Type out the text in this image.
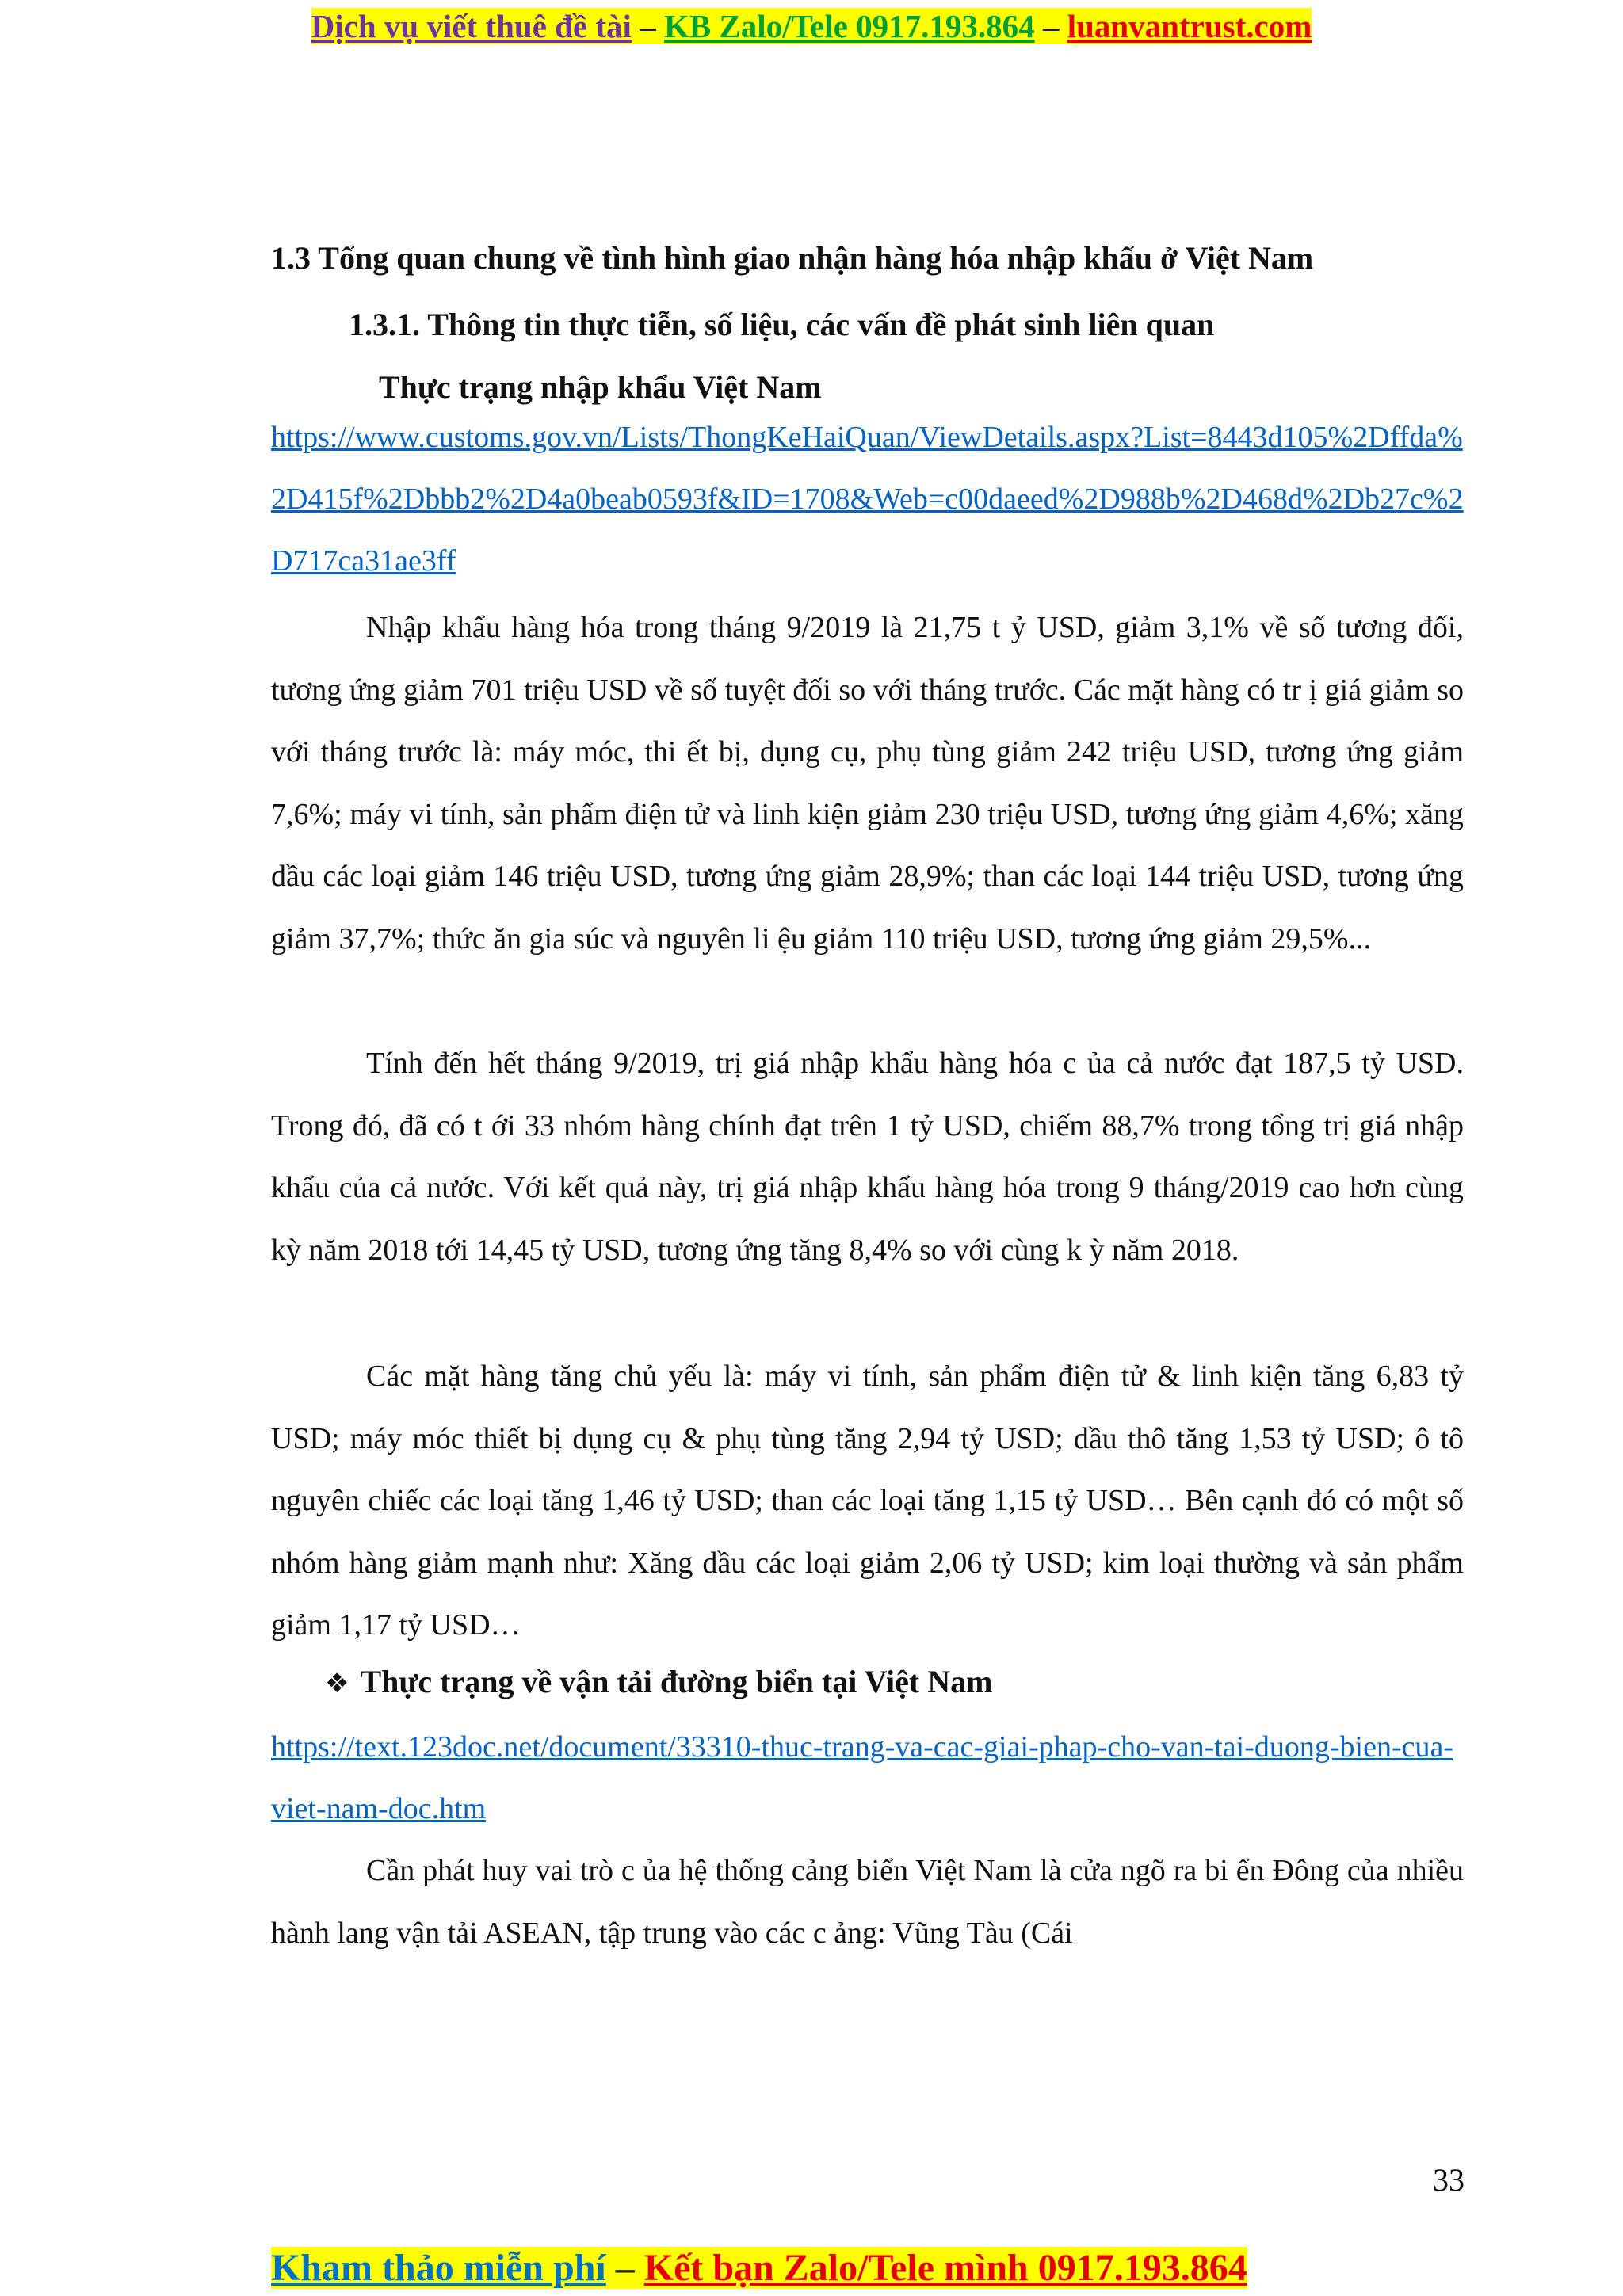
Dịch vụ viết thuê đề tài – KB Zalo/Tele 0917.193.864 – luanvantrust.com
1.3 Tổng quan chung về tình hình giao nhận hàng hóa nhập khẩu ở Việt Nam
1.3.1. Thông tin thực tiễn, số liệu, các vấn đề phát sinh liên quan
Thực trạng nhập khẩu Việt Nam
https://www.customs.gov.vn/Lists/ThongKeHaiQuan/ViewDetails.aspx?List=8443d105%2Dffda%2D415f%2Dbbb2%2D4a0beab0593f&ID=1708&Web=c00daeed%2D988b%2D468d%2Db27c%2D717ca31ae3ff

Nhập khẩu hàng hóa trong tháng 9/2019 là 21,75 t ỷ USD, giảm 3,1% về số tương đối, tương ứng giảm 701 triệu USD về số tuyệt đối so với tháng trước. Các mặt hàng có tr ị giá giảm so với tháng trước là: máy móc, thi ết bị, dụng cụ, phụ tùng giảm 242 triệu USD, tương ứng giảm 7,6%; máy vi tính, sản phẩm điện tử và linh kiện giảm 230 triệu USD, tương ứng giảm 4,6%; xăng dầu các loại giảm 146 triệu USD, tương ứng giảm 28,9%; than các loại 144 triệu USD, tương ứng giảm 37,7%; thức ăn gia súc và nguyên li ệu giảm 110 triệu USD, tương ứng giảm 29,5%...

Tính đến hết tháng 9/2019, trị giá nhập khẩu hàng hóa c ủa cả nước đạt 187,5 tỷ USD. Trong đó, đã có t ới 33 nhóm hàng chính đạt trên 1 tỷ USD, chiếm 88,7% trong tổng trị giá nhập khẩu của cả nước. Với kết quả này, trị giá nhập khẩu hàng hóa trong 9 tháng/2019 cao hơn cùng kỳ năm 2018 tới 14,45 tỷ USD, tương ứng tăng 8,4% so với cùng k ỳ năm 2018.

Các mặt hàng tăng chủ yếu là: máy vi tính, sản phẩm điện tử & linh kiện tăng 6,83 tỷ USD; máy móc thiết bị dụng cụ & phụ tùng tăng 2,94 tỷ USD; dầu thô tăng 1,53 tỷ USD; ô tô nguyên chiếc các loại tăng 1,46 tỷ USD; than các loại tăng 1,15 tỷ USD… Bên cạnh đó có một số nhóm hàng giảm mạnh như: Xăng dầu các loại giảm 2,06 tỷ USD; kim loại thường và sản phẩm giảm 1,17 tỷ USD…

❖ Thực trạng về vận tải đường biển tại Việt Nam
https://text.123doc.net/document/33310-thuc-trang-va-cac-giai-phap-cho-van-tai-duong-bien-cua-viet-nam-doc.htm

Cần phát huy vai trò c ủa hệ thống cảng biển Việt Nam là cửa ngõ ra bi ển Đông của nhiều hành lang vận tải ASEAN, tập trung vào các c ảng: Vũng Tàu (Cái

33
Kham thảo miễn phí – Kết bạn Zalo/Tele mình 0917.193.864
